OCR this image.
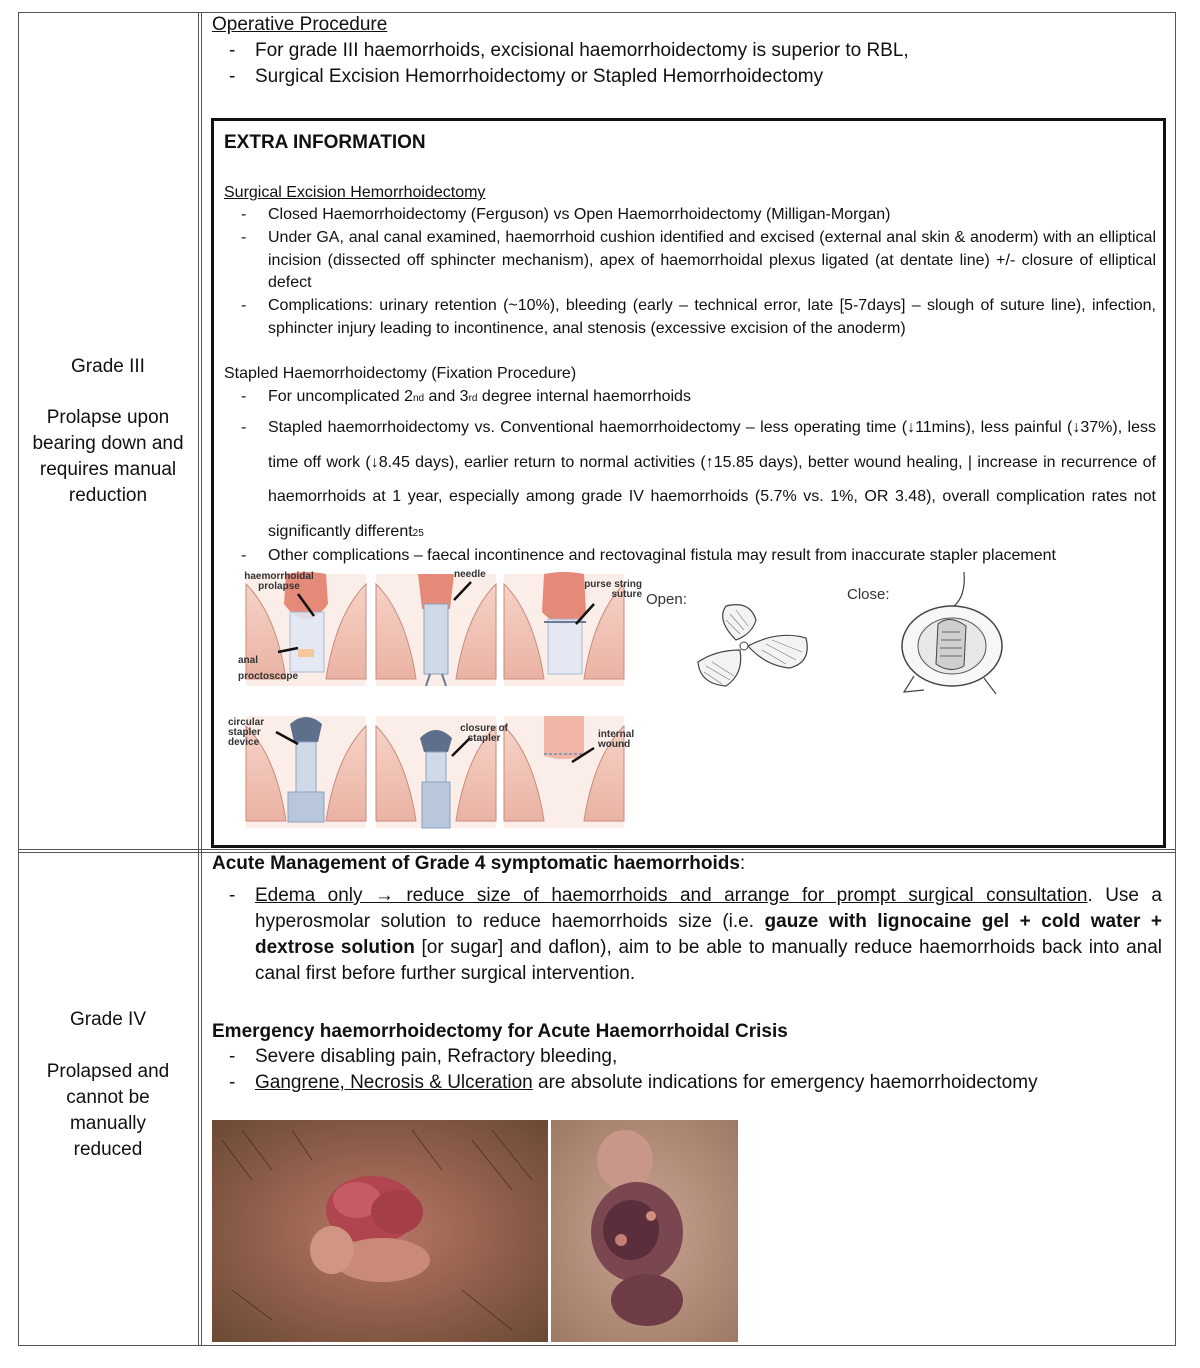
Grade III
Prolapse upon bearing down and requires manual reduction
Grade IV
Prolapsed and cannot be manually reduced
Operative Procedure
- For grade III haemorrhoids, excisional haemorrhoidectomy is superior to RBL,
- Surgical Excision Hemorrhoidectomy or Stapled Hemorrhoidectomy
EXTRA INFORMATION
Surgical Excision Hemorrhoidectomy
- Closed Haemorrhoidectomy (Ferguson) vs Open Haemorrhoidectomy (Milligan-Morgan)
- Under GA, anal canal examined, haemorrhoid cushion identified and excised (external anal skin & anoderm) with an elliptical incision (dissected off sphincter mechanism), apex of haemorrhoidal plexus ligated (at dentate line) +/- closure of elliptical defect
- Complications: urinary retention (~10%), bleeding (early – technical error, late [5-7days] – slough of suture line), infection, sphincter injury leading to incontinence, anal stenosis (excessive excision of the anoderm)
Stapled Haemorrhoidectomy (Fixation Procedure)
- For uncomplicated 2nd and 3rd degree internal haemorrhoids
- Stapled haemorrhoidectomy vs. Conventional haemorrhoidectomy – less operating time (↓11mins), less painful (↓37%), less time off work (↓8.45 days), earlier return to normal activities (↑15.85 days), better wound healing, | increase in recurrence of haemorrhoids at 1 year, especially among grade IV haemorrhoids (5.7% vs. 1%, OR 3.48), overall complication rates not significantly different25
- Other complications – faecal incontinence and rectovaginal fistula may result from inaccurate stapler placement
haemorrhoidal prolapse
anal
proctoscope
needle
purse string suture
circular stapler device
closure of stapler	internal wound
Open:	Close:
Acute Management of Grade 4 symptomatic haemorrhoids:
- Edema only → reduce size of haemorrhoids and arrange for prompt surgical consultation. Use a hyperosmolar solution to reduce haemorrhoids size (i.e. gauze with lignocaine gel + cold water + dextrose solution [or sugar] and daflon), aim to be able to manually reduce haemorrhoids back into anal canal first before further surgical intervention.
Emergency haemorrhoidectomy for Acute Haemorrhoidal Crisis
- Severe disabling pain, Refractory bleeding,
- Gangrene, Necrosis & Ulceration are absolute indications for emergency haemorrhoidectomy
